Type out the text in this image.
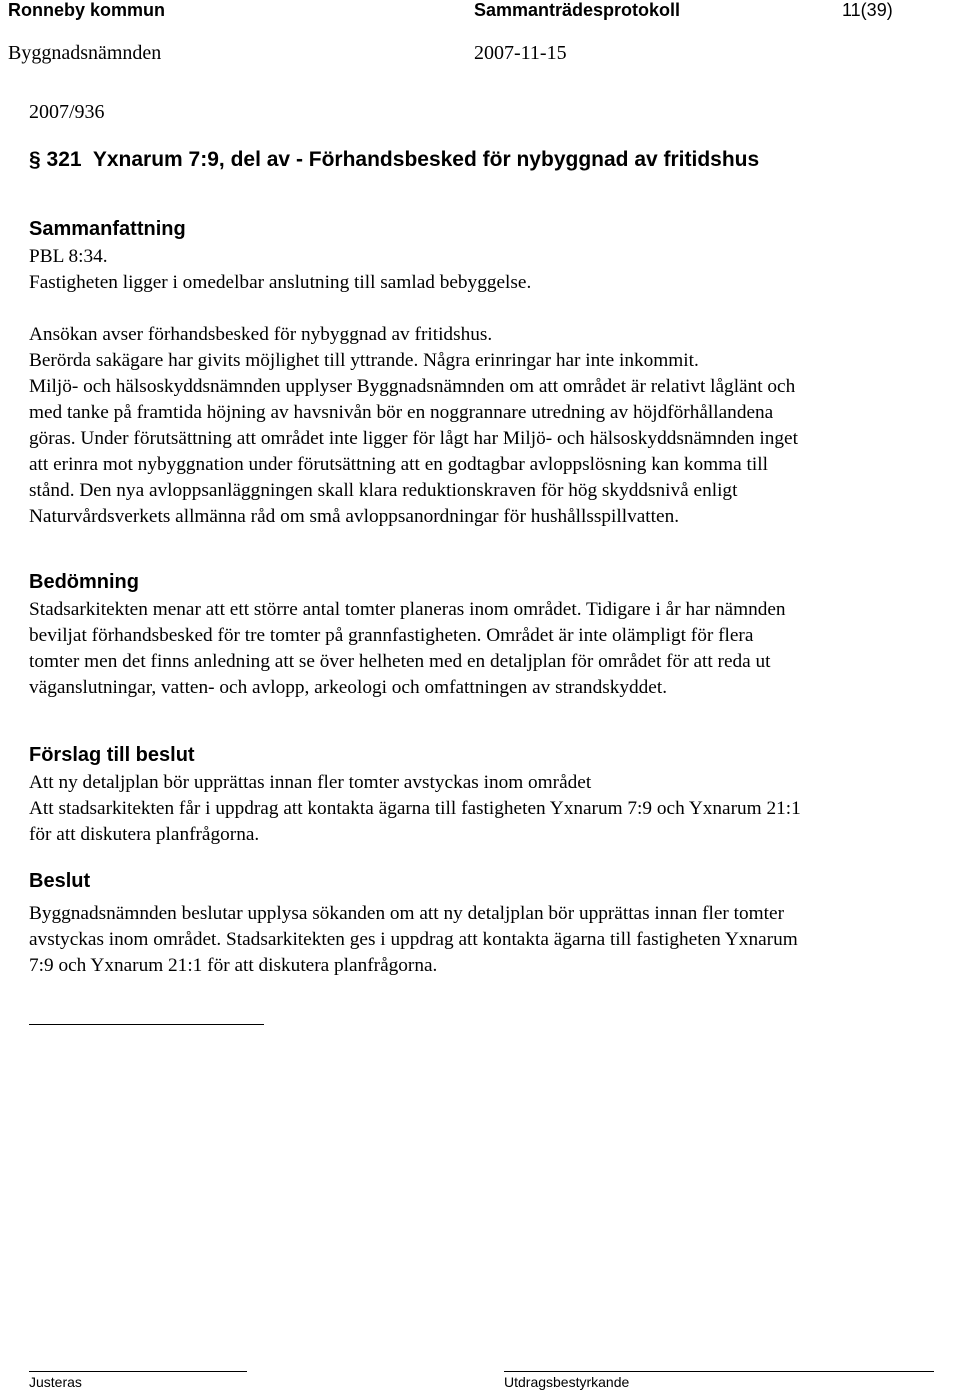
Ronneby kommun	Sammanträdesprotokoll	11(39)
Byggnadsnämnden	2007-11-15
2007/936
§ 321  Yxnarum 7:9, del av - Förhandsbesked för nybyggnad av fritidshus
Sammanfattning
PBL 8:34.
Fastigheten ligger i omedelbar anslutning till samlad bebyggelse.

Ansökan avser förhandsbesked för nybyggnad av fritidshus.
Berörda sakägare har givits möjlighet till yttrande. Några erinringar har inte inkommit.
Miljö- och hälsoskyddsnämnden upplyser Byggnadsnämnden om att området är relativt låglänt och
med tanke på framtida höjning av havsnivån bör en noggrannare utredning av höjdförhållandena
göras. Under förutsättning att området inte ligger för lågt har Miljö- och hälsoskyddsnämnden inget
att erinra mot nybyggnation under förutsättning att en godtagbar avloppslösning kan komma till
stånd. Den nya avloppsanläggningen skall klara reduktionskraven för hög skyddsnivå enligt
Naturvårdsverkets allmänna råd om små avloppsanordningar för hushållsspillvatten.
Bedömning
Stadsarkitekten menar att ett större antal tomter planeras inom området. Tidigare i år har nämnden
beviljat förhandsbesked för tre tomter på grannfastigheten. Området är inte olämpligt för flera
tomter men det finns anledning att se över helheten med en detaljplan för området för att reda ut
väganslutningar, vatten- och avlopp, arkeologi och omfattningen av strandskyddet.
Förslag till beslut
Att ny detaljplan bör upprättas innan fler tomter avstyckas inom området
Att stadsarkitekten får i uppdrag att kontakta ägarna till fastigheten Yxnarum 7:9 och Yxnarum 21:1
för att diskutera planfrågorna.
Beslut
Byggnadsnämnden beslutar upplysa sökanden om att ny detaljplan bör upprättas innan fler tomter
avstyckas inom området. Stadsarkitekten ges i uppdrag att kontakta ägarna till fastigheten Yxnarum
7:9 och Yxnarum 21:1 för att diskutera planfrågorna.
Justeras	Utdragsbestyrkande
